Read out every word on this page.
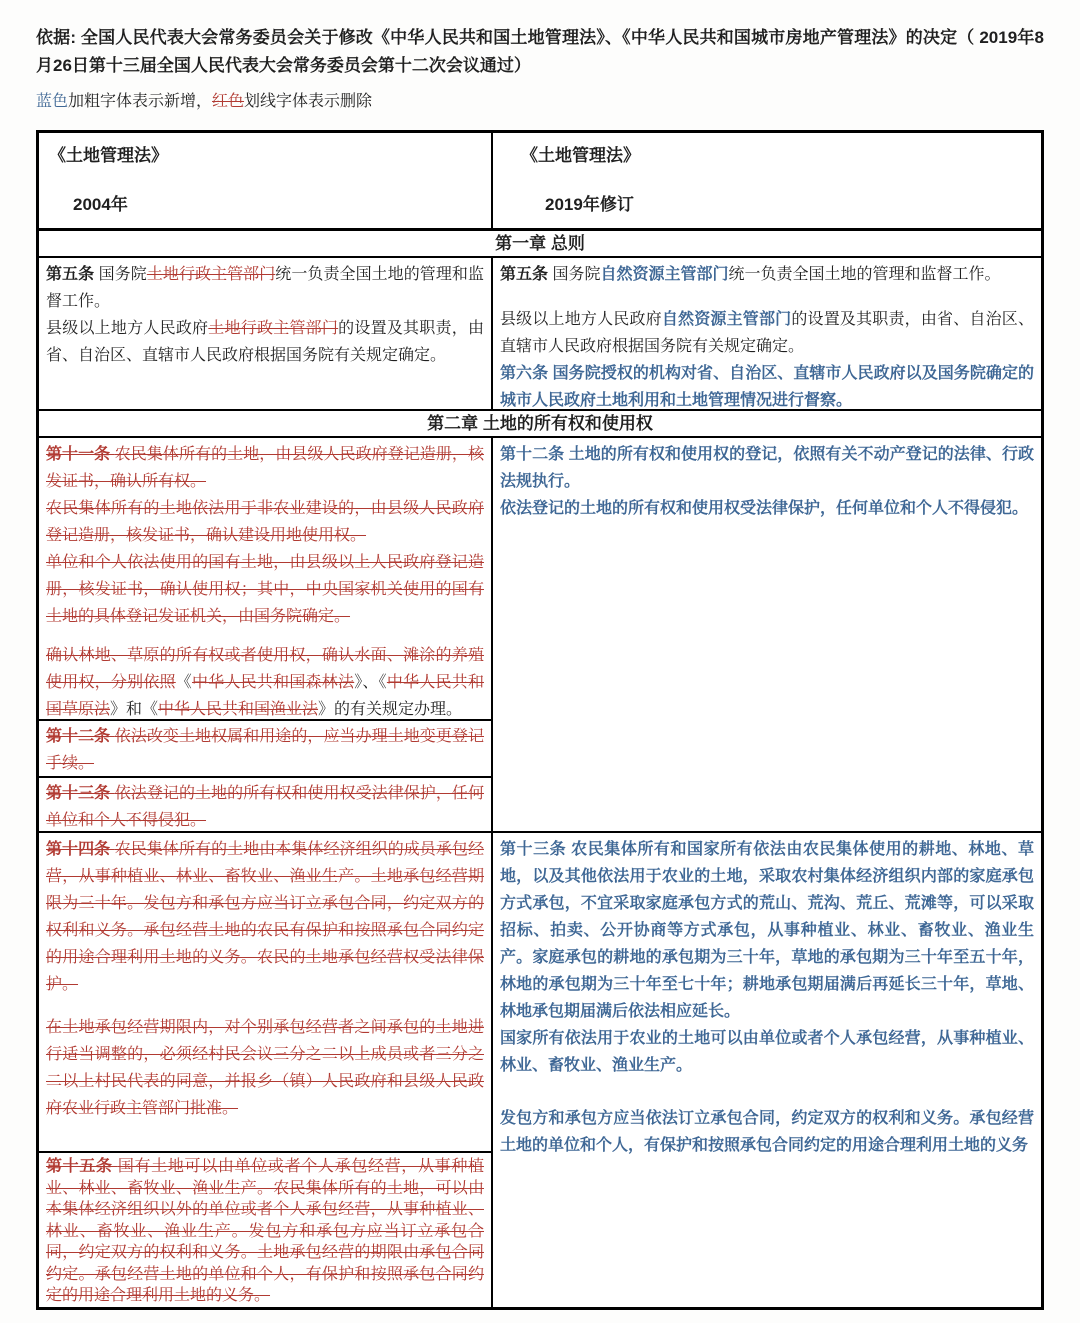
依据: 全国人民代表大会常务委员会关于修改《中华人民共和国土地管理法》、《中华人民共和国城市房地产管理法》的决定（ 2019年8月26日第十三届全国人民代表大会常务委员会第十二次会议通过）
蓝色加粗字体表示新增，红色划线字体表示删除
《土地管理法》
2004年
《土地管理法》
2019年修订
第一章 总则

第五条 国务院土地行政主管部门统一负责全国土地的管理和监督工作。

县级以上地方人民政府土地行政主管部门的设置及其职责，由省、自治区、直辖市人民政府根据国务院有关规定确定。

第五条 国务院自然资源主管部门统一负责全国土地的管理和监督工作。

县级以上地方人民政府自然资源主管部门的设置及其职责，由省、自治区、直辖市人民政府根据国务院有关规定确定。

第六条 国务院授权的机构对省、自治区、直辖市人民政府以及国务院确定的城市人民政府土地利用和土地管理情况进行督察。

第二章 土地的所有权和使用权

第十一条 农民集体所有的土地，由县级人民政府登记造册，核发证书，确认所有权。

农民集体所有的土地依法用于非农业建设的，由县级人民政府登记造册，核发证书，确认建设用地使用权。

单位和个人依法使用的国有土地，由县级以上人民政府登记造册，核发证书，确认使用权；其中，中央国家机关使用的国有土地的具体登记发证机关，由国务院确定。

确认林地、草原的所有权或者使用权，确认水面、滩涂的养殖使用权，分别依照《中华人民共和国森林法》、《中华人民共和国草原法》和《中华人民共和国渔业法》的有关规定办理。

第十二条 依法改变土地权属和用途的，应当办理土地变更登记手续。

第十三条 依法登记的土地的所有权和使用权受法律保护，任何单位和个人不得侵犯。

第十四条 农民集体所有的土地由本集体经济组织的成员承包经营，从事种植业、林业、畜牧业、渔业生产。土地承包经营期限为三十年。发包方和承包方应当订立承包合同，约定双方的权利和义务。承包经营土地的农民有保护和按照承包合同约定的用途合理利用土地的义务。农民的土地承包经营权受法律保护。

在土地承包经营期限内，对个别承包经营者之间承包的土地进行适当调整的，必须经村民会议三分之二以上成员或者三分之二以上村民代表的同意，并报乡（镇）人民政府和县级人民政府农业行政主管部门批准。

第十五条 国有土地可以由单位或者个人承包经营，从事种植业、林业、畜牧业、渔业生产。农民集体所有的土地，可以由本集体经济组织以外的单位或者个人承包经营，从事种植业、林业、畜牧业、渔业生产。发包方和承包方应当订立承包合同，约定双方的权利和义务。土地承包经营的期限由承包合同约定。承包经营土地的单位和个人，有保护和按照承包合同约定的用途合理利用土地的义务。

第十二条 土地的所有权和使用权的登记，依照有关不动产登记的法律、行政法规执行。

依法登记的土地的所有权和使用权受法律保护，任何单位和个人不得侵犯。

第十三条 农民集体所有和国家所有依法由农民集体使用的耕地、林地、草地，以及其他依法用于农业的土地，采取农村集体经济组织内部的家庭承包方式承包，不宜采取家庭承包方式的荒山、荒沟、荒丘、荒滩等，可以采取招标、拍卖、公开协商等方式承包，从事种植业、林业、畜牧业、渔业生产。家庭承包的耕地的承包期为三十年，草地的承包期为三十年至五十年，林地的承包期为三十年至七十年；耕地承包期届满后再延长三十年，草地、林地承包期届满后依法相应延长。

国家所有依法用于农业的土地可以由单位或者个人承包经营，从事种植业、林业、畜牧业、渔业生产。

发包方和承包方应当依法订立承包合同，约定双方的权利和义务。承包经营土地的单位和个人，有保护和按照承包合同约定的用途合理利用土地的义务
